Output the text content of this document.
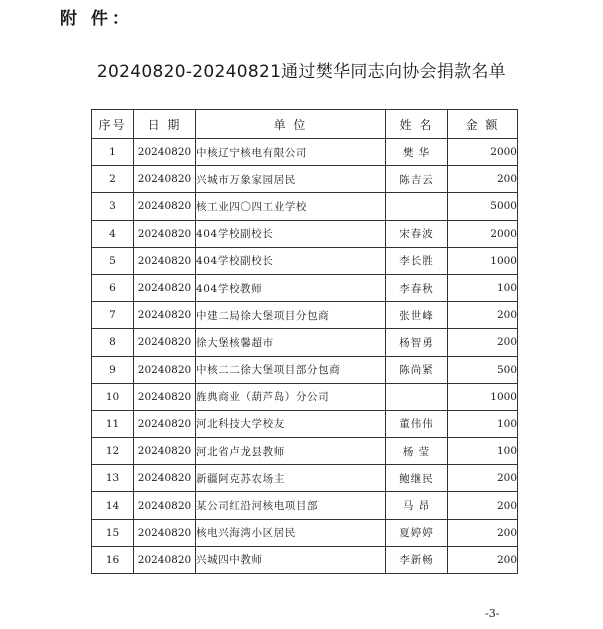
附 件：
20240820-20240821通过樊华同志向协会捐款名单
序号	日 期	单 位	姓 名	金 额
1	20240820	中核辽宁核电有限公司	樊 华	2000
2	20240820	兴城市万象家园居民	陈吉云	200
3	20240820	核工业四〇四工业学校		5000
4	20240820	404学校副校长	宋春波	2000
5	20240820	404学校副校长	李长胜	1000
6	20240820	404学校教师	李春秋	100
7	20240820	中建二局徐大堡项目分包商	张世峰	200
8	20240820	徐大堡核馨超市	杨智勇	200
9	20240820	中核二二徐大堡项目部分包商	陈尚紧	500
10	20240820	旌典商业（葫芦岛）分公司		1000
11	20240820	河北科技大学校友	董伟伟	100
12	20240820	河北省卢龙县教师	杨 莹	100
13	20240820	新疆阿克苏农场主	鲍继民	200
14	20240820	某公司红沿河核电项目部	马 昂	200
15	20240820	核电兴海湾小区居民	夏婷婷	200
16	20240820	兴城四中教师	李新畅	200
-3-
